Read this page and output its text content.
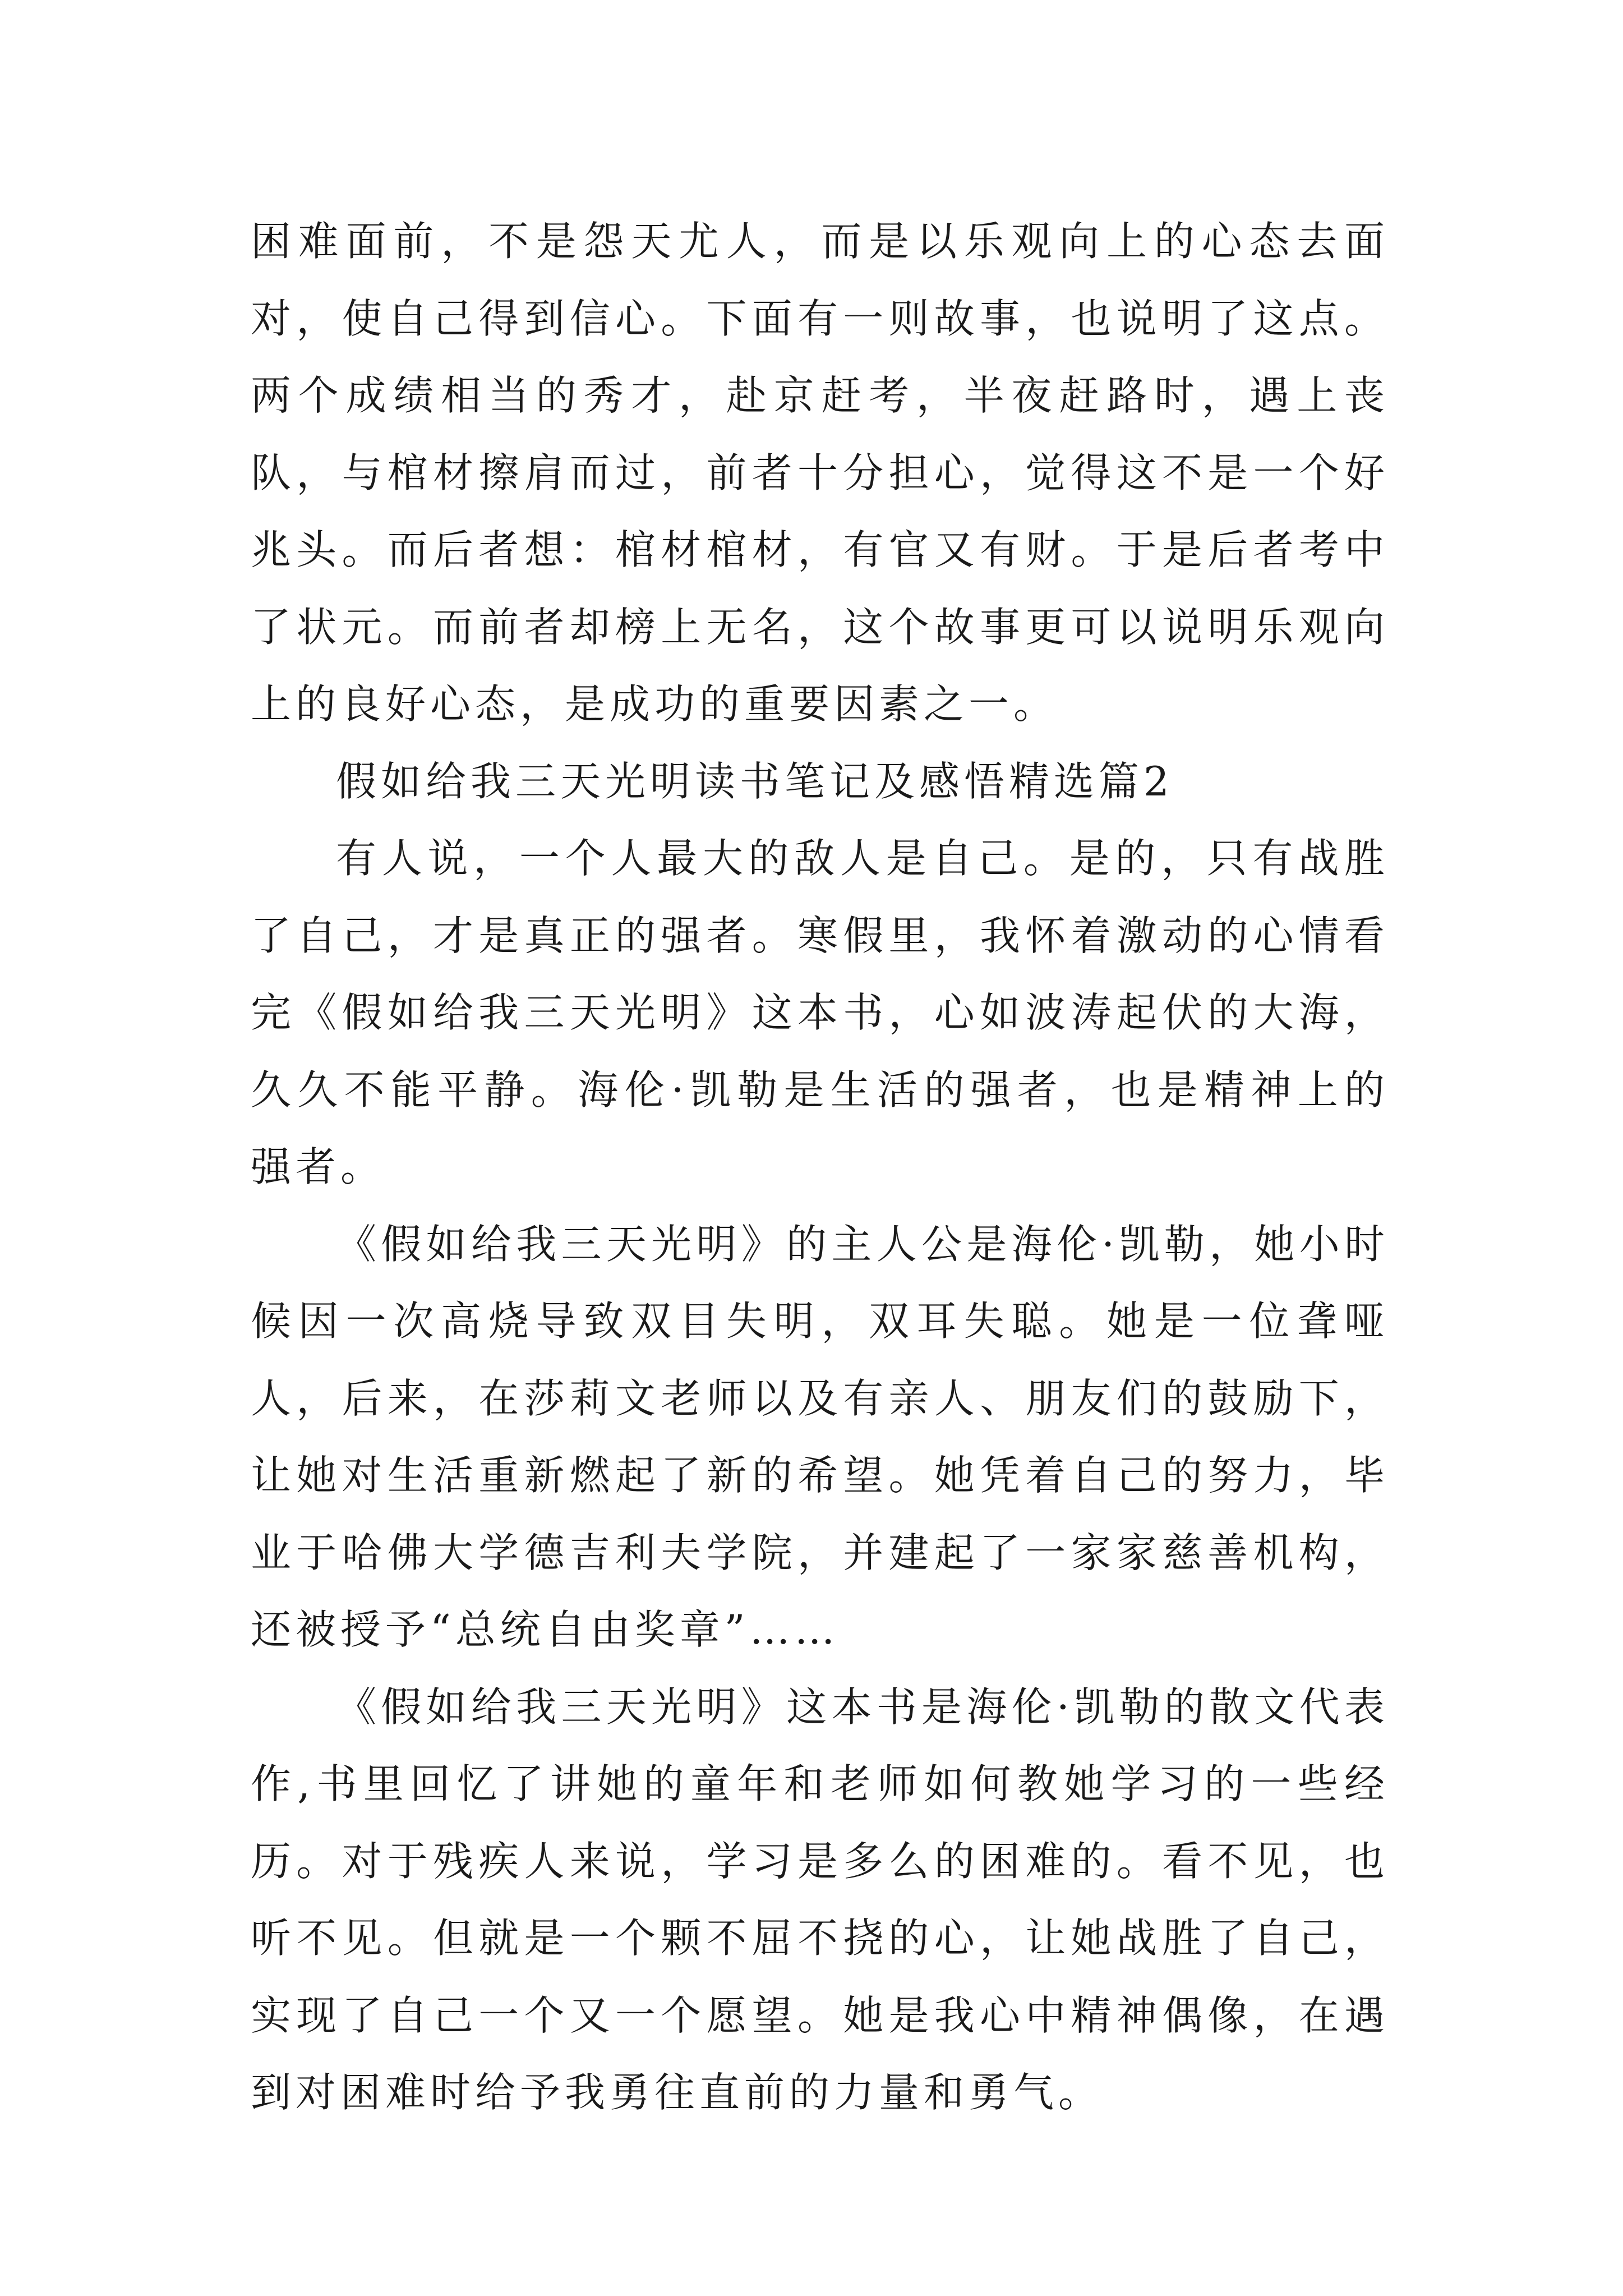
困难面前，不是怨天尤人，而是以乐观向上的心态去面对，使自己得到信心。下面有一则故事，也说明了这点。两个成绩相当的秀才，赴京赶考，半夜赶路时，遇上丧队，与棺材擦肩而过，前者十分担心，觉得这不是一个好兆头。而后者想：棺材棺材，有官又有财。于是后者考中了状元。而前者却榜上无名，这个故事更可以说明乐观向上的良好心态，是成功的重要因素之一。

假如给我三天光明读书笔记及感悟精选篇2

有人说，一个人最大的敌人是自己。是的，只有战胜了自己，才是真正的强者。寒假里，我怀着激动的心情看完《假如给我三天光明》这本书，心如波涛起伏的大海，久久不能平静。海伦·凯勒是生活的强者，也是精神上的强者。

《假如给我三天光明》的主人公是海伦·凯勒，她小时候因一次高烧导致双目失明，双耳失聪。她是一位聋哑人，后来，在莎莉文老师以及有亲人、朋友们的鼓励下，让她对生活重新燃起了新的希望。她凭着自己的努力，毕业于哈佛大学德吉利夫学院，并建起了一家家慈善机构，还被授予“总统自由奖章”……

《假如给我三天光明》这本书是海伦·凯勒的散文代表作,书里回忆了讲她的童年和老师如何教她学习的一些经历。对于残疾人来说，学习是多么的困难的。看不见，也听不见。但就是一个颗不屈不挠的心，让她战胜了自己，实现了自己一个又一个愿望。她是我心中精神偶像，在遇到对困难时给予我勇往直前的力量和勇气。
